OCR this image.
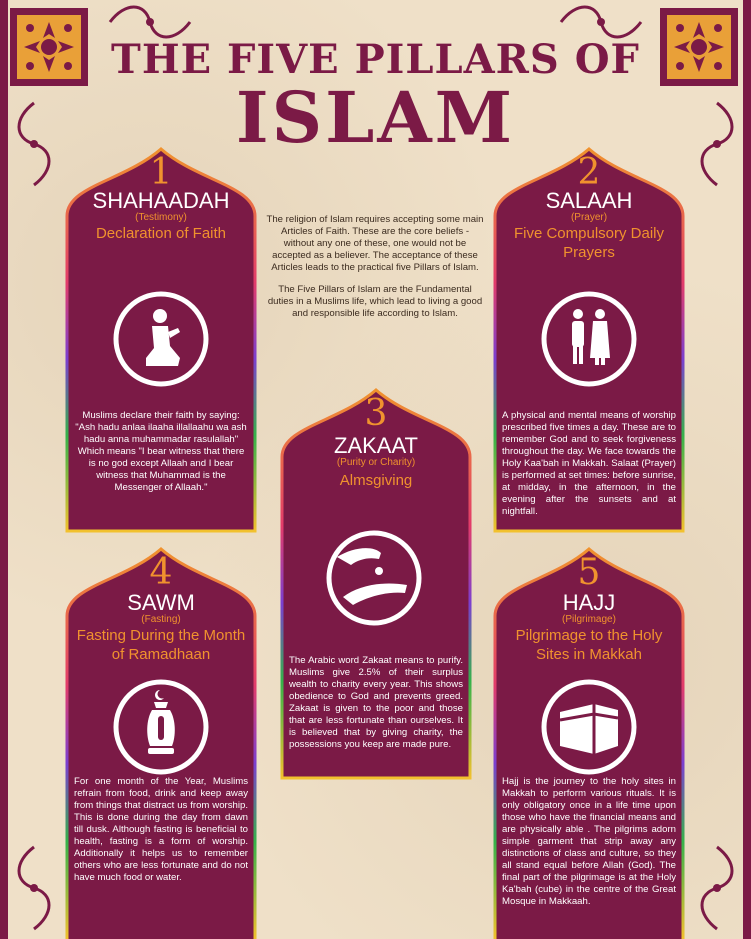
THE FIVE PILLARS OF
ISLAM

The religion of Islam requires accepting some main Articles of Faith. These are the core beliefs - without any one of these, one would not be accepted as a believer. The acceptance of these Articles leads to the practical five Pillars of Islam.

The Five Pillars of Islam are the Fundamental duties in a Muslims life, which lead to living a good and responsible life according to Islam.

1
SHAHAADAH
(Testimony)
Declaration of Faith
Muslims declare their faith by saying: "Ash hadu anlaa ilaaha illallaahu wa ash hadu anna muhammadar rasulallah" Which means "I bear witness that there is no god except Allaah and I bear witness that Muhammad is the Messenger of Allaah."
2
SALAAH
(Prayer)
Five Compulsory Daily Prayers
A physical and mental means of worship prescribed five times a day. These are to remember God and to seek forgiveness throughout the day. We face towards the Holy Kaa'bah in Makkah. Salaat (Prayer) is performed at set times: before sunrise, at midday, in the afternoon, in the evening after the sunsets and at nightfall.
3
ZAKAAT
(Purity or Charity)
Almsgiving
The Arabic word Zakaat means to purify. Muslims give 2.5% of their surplus wealth to charity every year. This shows obedience to God and prevents greed. Zakaat is given to the poor and those that are less fortunate than ourselves. It is believed that by giving charity, the possessions you keep are made pure.
4
SAWM
(Fasting)
Fasting During the Month of Ramadhaan
For one month of the Year, Muslims refrain from food, drink and keep away from things that distract us from worship. This is done during the day from dawn till dusk. Although fasting is beneficial to health, fasting is a form of worship. Additionally it helps us to remember others who are less fortunate and do not have much food or water.
5
HAJJ
(Pilgrimage)
Pilgrimage to the Holy Sites in Makkah
Hajj is the journey to the holy sites in Makkah to perform various rituals. It is only obligatory once in a life time upon those who have the financial means and are physically able . The pilgrims adorn simple garment that strip away any distinctions of class and culture, so they all stand equal before Allah (God). The final part of the pilgrimage is at the Holy Ka'bah (cube) in the centre of the Great Mosque in Makkaah.
